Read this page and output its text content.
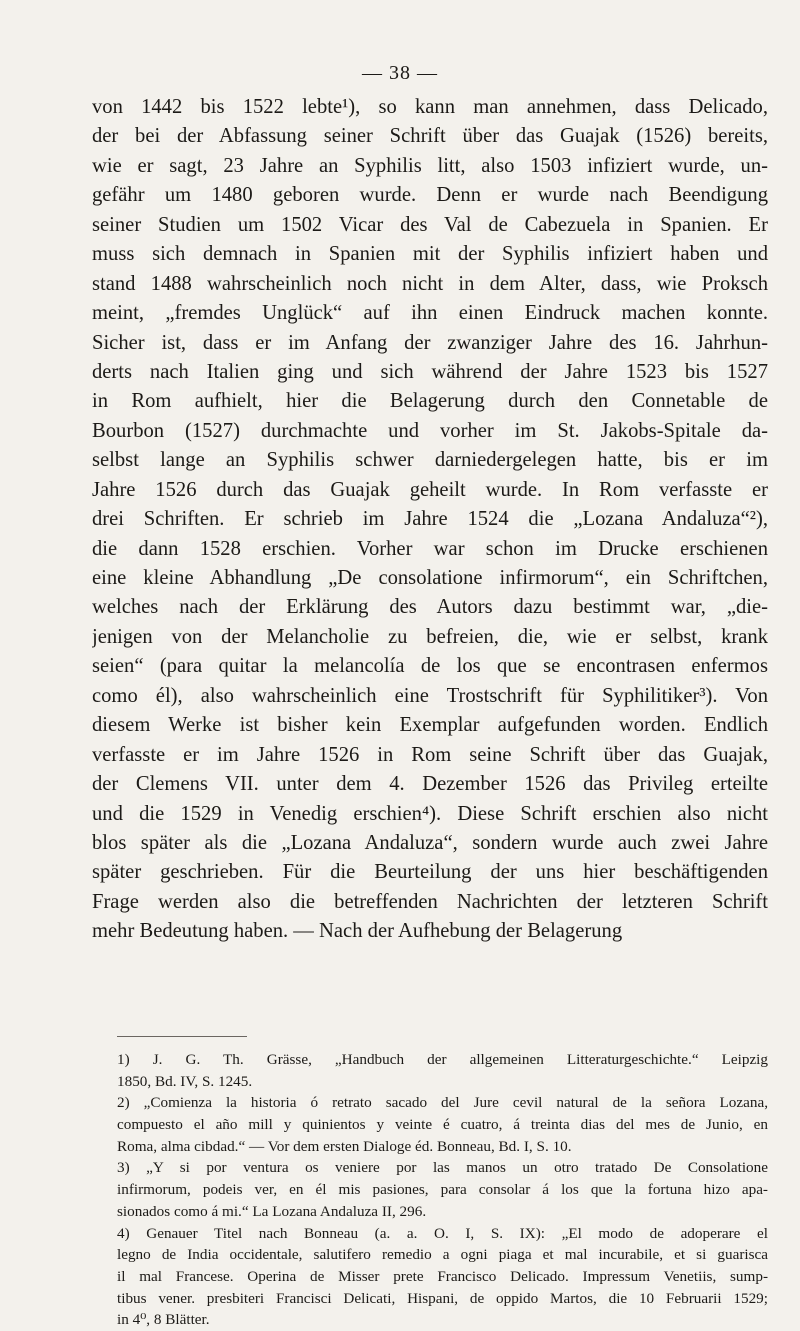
— 38 —
von 1442 bis 1522 lebte¹), so kann man annehmen, dass Delicado,
der bei der Abfassung seiner Schrift über das Guajak (1526) bereits,
wie er sagt, 23 Jahre an Syphilis litt, also 1503 infiziert wurde, un-
gefähr um 1480 geboren wurde. Denn er wurde nach Beendigung
seiner Studien um 1502 Vicar des Val de Cabezuela in Spanien. Er
muss sich demnach in Spanien mit der Syphilis infiziert haben und
stand 1488 wahrscheinlich noch nicht in dem Alter, dass, wie Proksch
meint, „fremdes Unglück“ auf ihn einen Eindruck machen konnte.
Sicher ist, dass er im Anfang der zwanziger Jahre des 16. Jahrhun-
derts nach Italien ging und sich während der Jahre 1523 bis 1527
in Rom aufhielt, hier die Belagerung durch den Connetable de
Bourbon (1527) durchmachte und vorher im St. Jakobs-Spitale da-
selbst lange an Syphilis schwer darniedergelegen hatte, bis er im
Jahre 1526 durch das Guajak geheilt wurde. In Rom verfasste er
drei Schriften. Er schrieb im Jahre 1524 die „Lozana Andaluza“²),
die dann 1528 erschien. Vorher war schon im Drucke erschienen
eine kleine Abhandlung „De consolatione infirmorum“, ein Schriftchen,
welches nach der Erklärung des Autors dazu bestimmt war, „die-
jenigen von der Melancholie zu befreien, die, wie er selbst, krank
seien“ (para quitar la melancolía de los que se encontrasen enfermos
como él), also wahrscheinlich eine Trostschrift für Syphilitiker³). Von
diesem Werke ist bisher kein Exemplar aufgefunden worden. Endlich
verfasste er im Jahre 1526 in Rom seine Schrift über das Guajak,
der Clemens VII. unter dem 4. Dezember 1526 das Privileg erteilte
und die 1529 in Venedig erschien⁴). Diese Schrift erschien also nicht
blos später als die „Lozana Andaluza“, sondern wurde auch zwei Jahre
später geschrieben. Für die Beurteilung der uns hier beschäftigenden
Frage werden also die betreffenden Nachrichten der letzteren Schrift
mehr Bedeutung haben. — Nach der Aufhebung der Belagerung
1) J. G. Th. Grässe, „Handbuch der allgemeinen Litteraturgeschichte.“ Leipzig
1850, Bd. IV, S. 1245.
2) „Comienza la historia ó retrato sacado del Jure cevil natural de la señora Lozana,
compuesto el año mill y quinientos y veinte é cuatro, á treinta dias del mes de Junio, en
Roma, alma cibdad.“ — Vor dem ersten Dialoge éd. Bonneau, Bd. I, S. 10.
3) „Y si por ventura os veniere por las manos un otro tratado De Consolatione
infirmorum, podeis ver, en él mis pasiones, para consolar á los que la fortuna hizo apa-
sionados como á mi.“ La Lozana Andaluza II, 296.
4) Genauer Titel nach Bonneau (a. a. O. I, S. IX): „El modo de adoperare el
legno de India occidentale, salutifero remedio a ogni piaga et mal incurabile, et si guarisca
il mal Francese. Operina de Misser prete Francisco Delicado. Impressum Venetiis, sump-
tibus vener. presbiteri Francisci Delicati, Hispani, de oppido Martos, die 10 Februarii 1529;
in 4⁰, 8 Blätter.
